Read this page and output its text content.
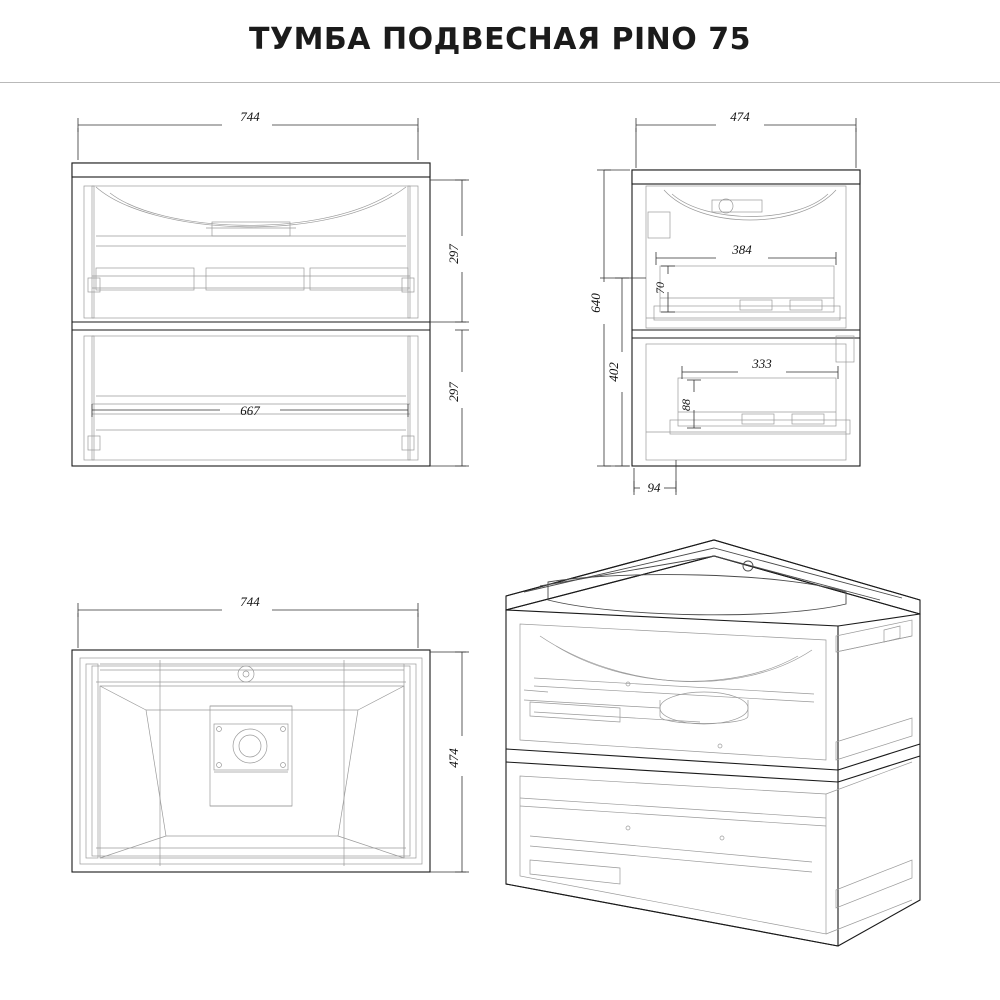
ТУМБА ПОДВЕСНАЯ PINO 75
744
297
297
667
474
640
402
384
70
333
88
94
744
474
